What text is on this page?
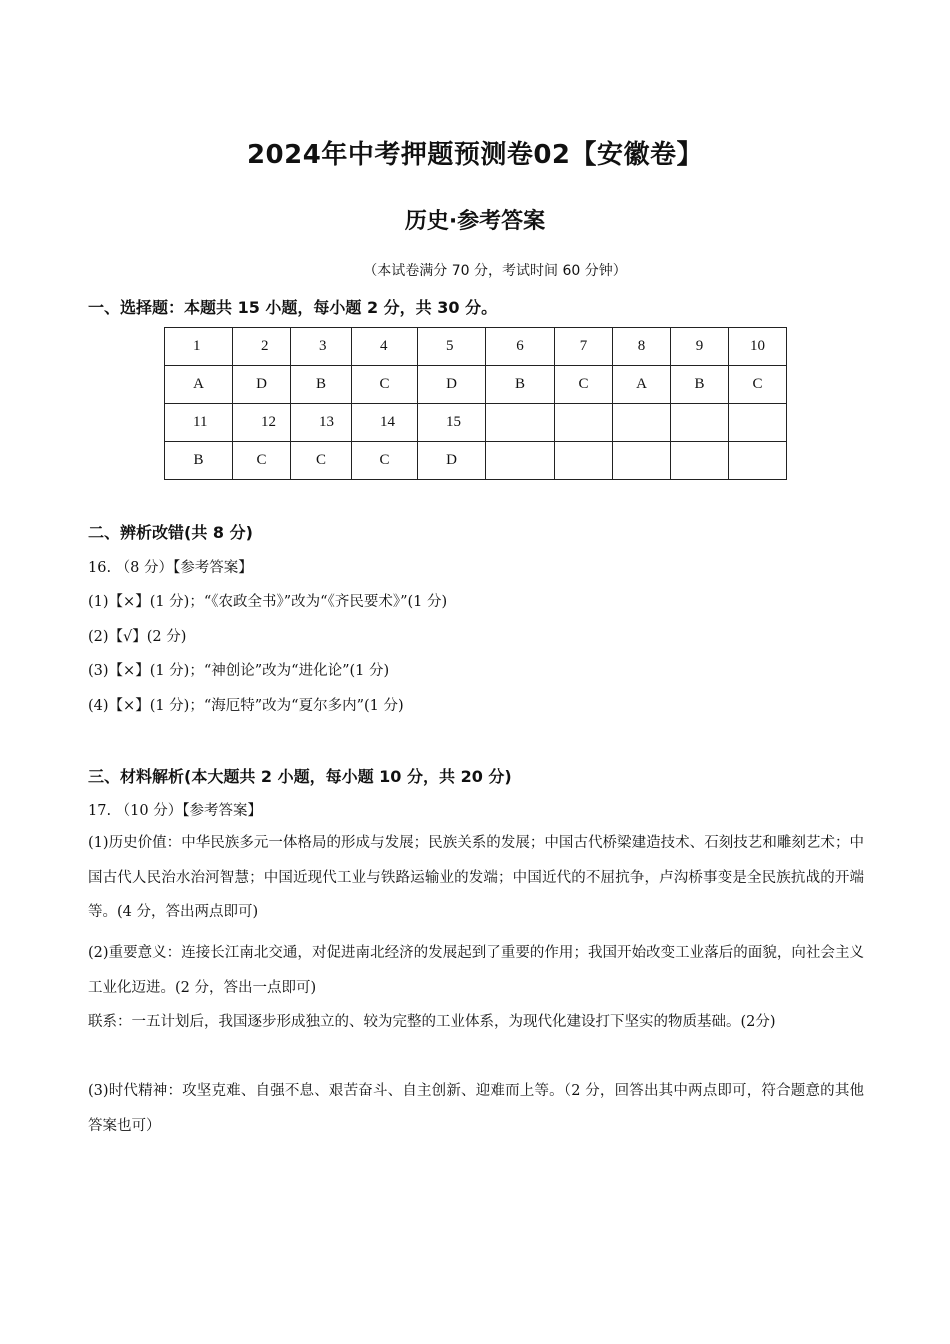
2024年中考押题预测卷02【安徽卷】
历史·参考答案
（本试卷满分 70 分，考试时间 60 分钟）
一、选择题：本题共 15 小题，每小题 2 分，共 30 分。
1	2	3	4	5	6	7	8	9	10
A	D	B	C	D	B	C	A	B	C
11	12	13	14	15					
B	C	C	C	D					
二、辨析改错(共 8 分)
16. （8 分）【参考答案】
(1)【×】(1 分)；“《农政全书》”改为“《齐民要术》”(1 分)
(2)【√】(2 分)
(3)【×】(1 分)；“神创论”改为“进化论”(1 分)
(4)【×】(1 分)；“海厄特”改为“夏尔多内”(1 分)
三、材料解析(本大题共 2 小题，每小题 10 分，共 20 分)
17. （10 分）【参考答案】
(1)历史价值：中华民族多元一体格局的形成与发展；民族关系的发展；中国古代桥梁建造技术、石刻技艺和雕刻艺术；中国古代人民治水治河智慧；中国近现代工业与铁路运输业的发端；中国近代的不屈抗争，卢沟桥事变是全民族抗战的开端等。(4 分，答出两点即可)
(2)重要意义：连接长江南北交通，对促进南北经济的发展起到了重要的作用；我国开始改变工业落后的面貌，向社会主义工业化迈进。(2 分，答出一点即可)
联系：一五计划后，我国逐步形成独立的、较为完整的工业体系，为现代化建设打下坚实的物质基础。(2分)
(3)时代精神：攻坚克难、自强不息、艰苦奋斗、自主创新、迎难而上等。（2 分，回答出其中两点即可，符合题意的其他答案也可）
